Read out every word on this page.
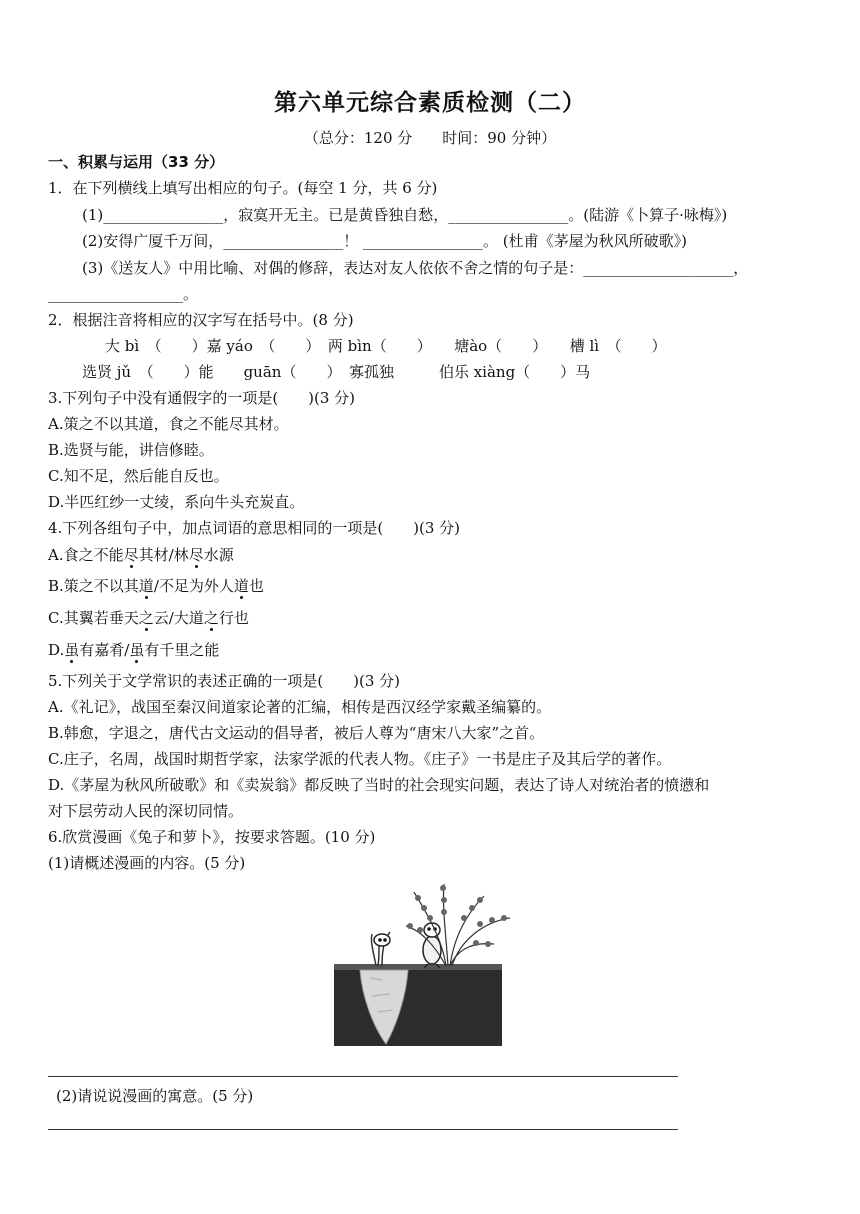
第六单元综合素质检测（二）
（总分：120 分　　时间：90 分钟）
一、积累与运用（33 分）
1．在下列横线上填写出相应的句子。(每空 1 分，共 6 分)
(1)________________，寂寞开无主。已是黄昏独自愁，________________。(陆游《卜算子·咏梅》)
(2)安得广厦千万间，________________！ ________________。 (杜甫《茅屋为秋风所破歌》)
(3)《送友人》中用比喻、对偶的修辞，表达对友人依依不舍之情的句子是：____________________，
__________________。
2．根据注音将相应的汉字写在括号中。(8 分)
大 bì　（　　）嘉 yáo　（　　）　两 bìn（　　）　　塘ào（　　）　　槽 lì　（　　）
选贤 jǔ　（　　）能　　guān（　　）　寡孤独　　　伯乐 xiàng（　　）马
3.下列句子中没有通假字的一项是(　　)(3 分)
A.策之不以其道，食之不能尽其材。
B.选贤与能，讲信修睦。
C.知不足，然后能自反也。
D.半匹红纱一丈绫，系向牛头充炭直。
4.下列各组句子中，加点词语的意思相同的一项是(　　)(3 分)
A.食之不能尽其材/林尽水源
B.策之不以其道/不足为外人道也
C.其翼若垂天之云/大道之行也
D.虽有嘉肴/虽有千里之能
5.下列关于文学常识的表述正确的一项是(　　)(3 分)
A.《礼记》，战国至秦汉间道家论著的汇编，相传是西汉经学家戴圣编纂的。
B.韩愈，字退之，唐代古文运动的倡导者，被后人尊为“唐宋八大家”之首。
C.庄子，名周，战国时期哲学家，法家学派的代表人物。《庄子》一书是庄子及其后学的著作。
D.《茅屋为秋风所破歌》和《卖炭翁》都反映了当时的社会现实问题，表达了诗人对统治者的愤懑和
对下层劳动人民的深切同情。
6.欣赏漫画《兔子和萝卜》，按要求答题。(10 分)
(1)请概述漫画的内容。(5 分)
(2)请说说漫画的寓意。(5 分)
